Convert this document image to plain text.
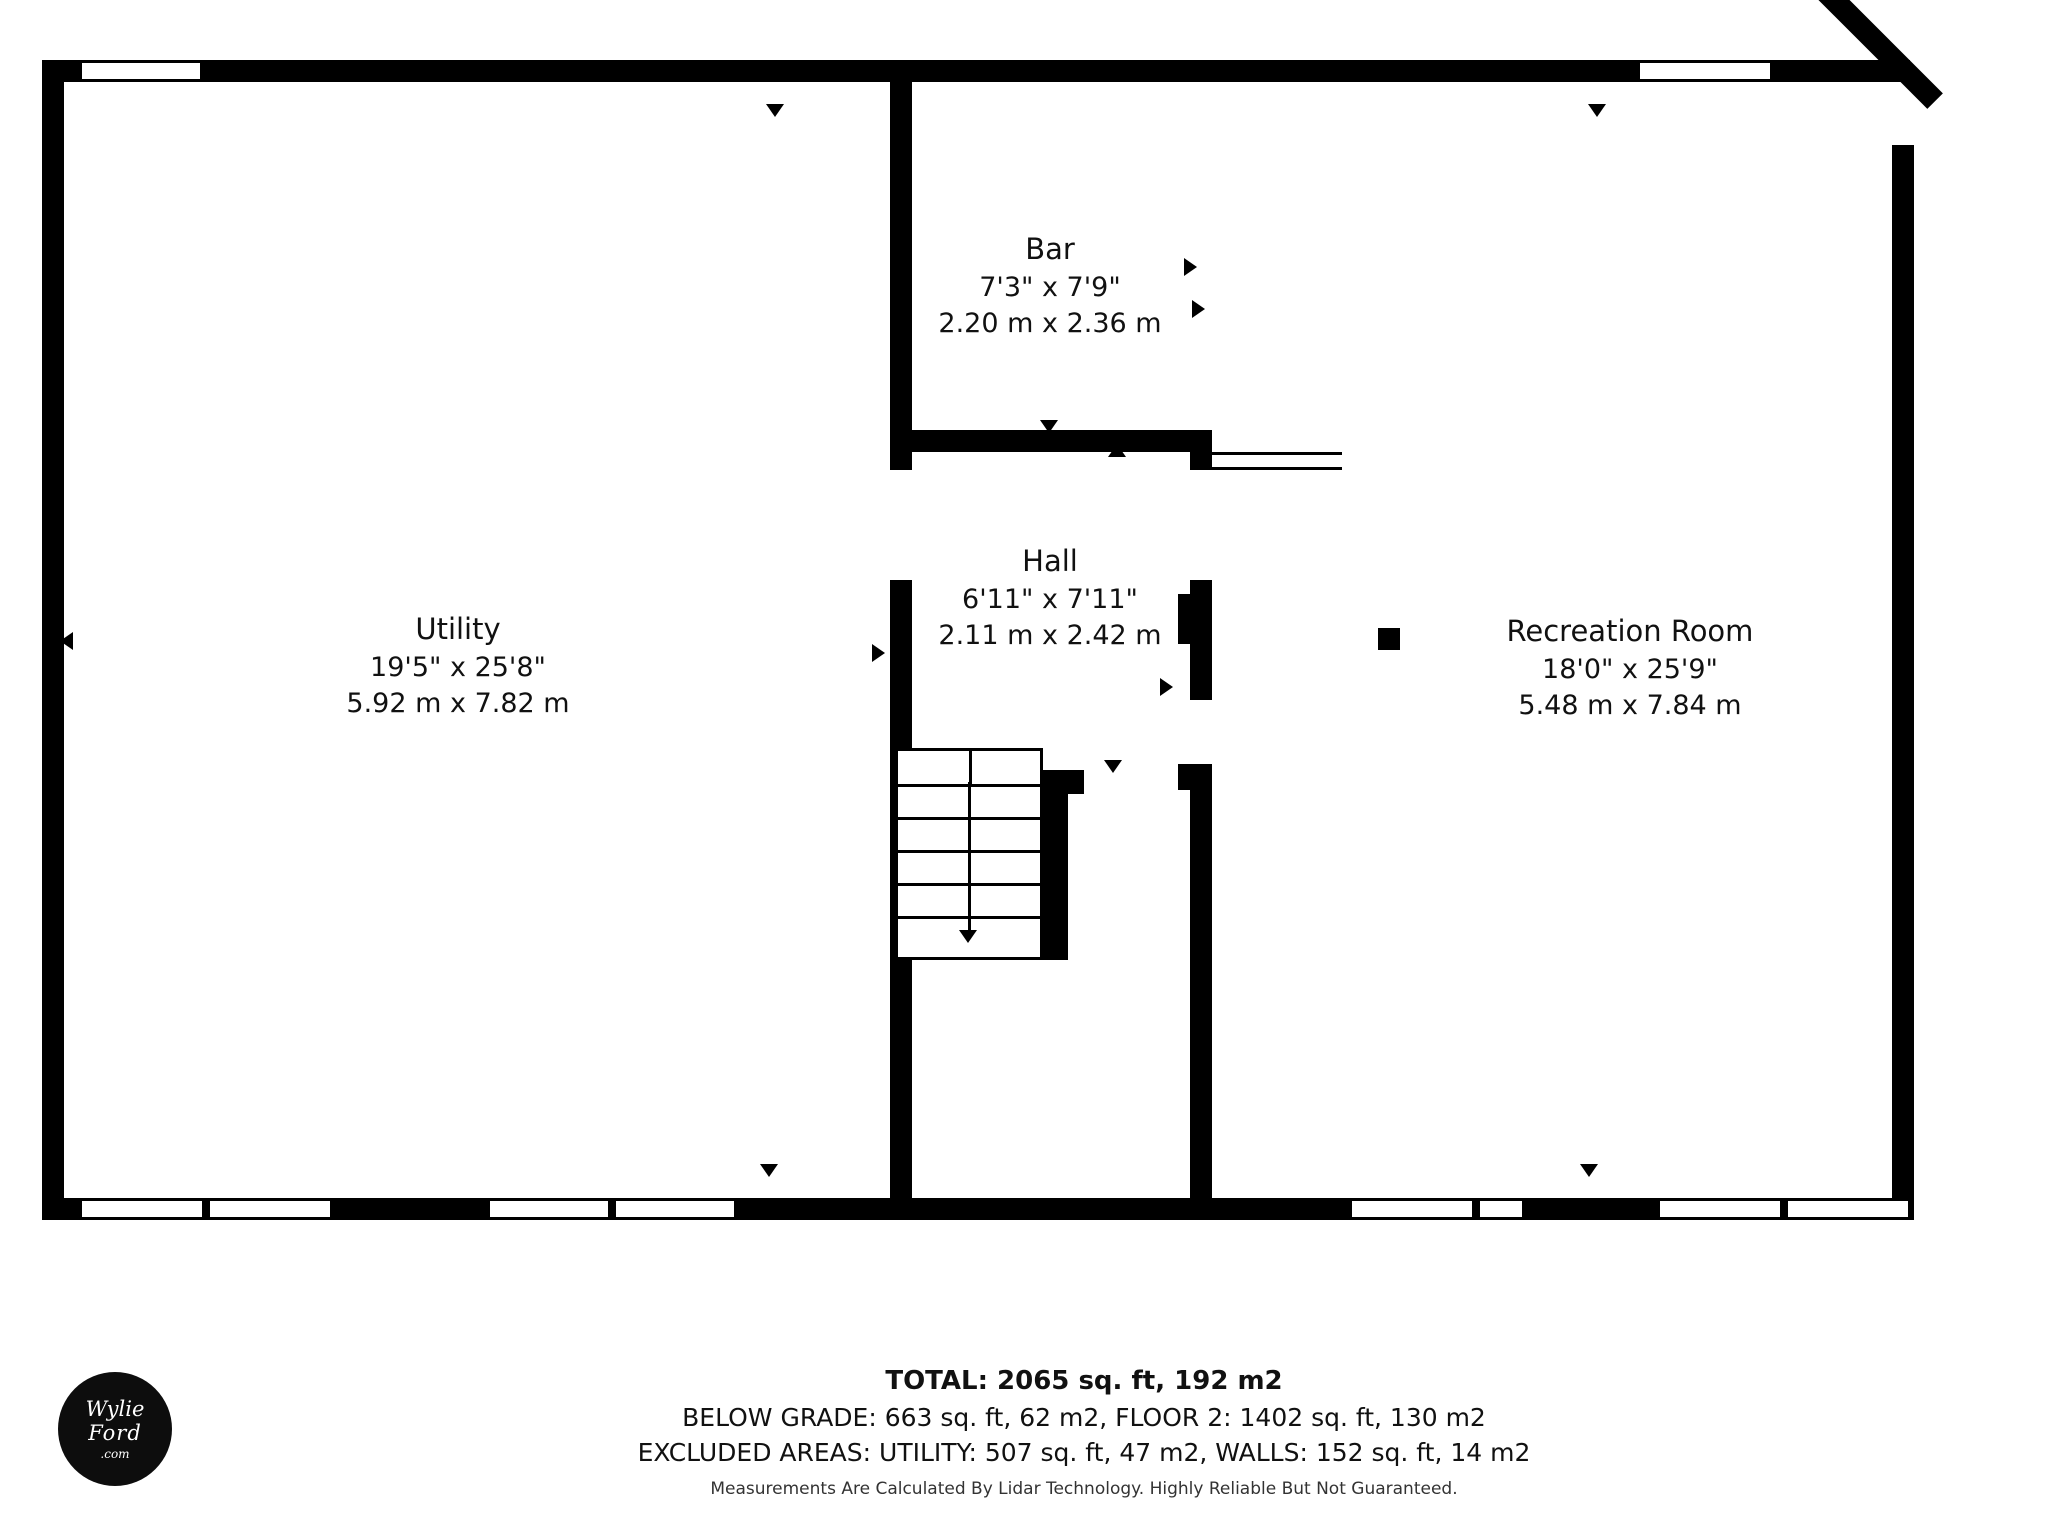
Utility
19'5" x 25'8"
5.92 m x 7.82 m
Bar
7'3" x 7'9"
2.20 m x 2.36 m
Hall
6'11" x 7'11"
2.11 m x 2.42 m	Recreation Room
18'0" x 25'9"
5.48 m x 7.84 m
TOTAL: 2065 sq. ft, 192 m2
BELOW GRADE: 663 sq. ft, 62 m2, FLOOR 2: 1402 sq. ft, 130 m2
EXCLUDED AREAS: UTILITY: 507 sq. ft, 47 m2, WALLS: 152 sq. ft, 14 m2
Measurements Are Calculated By Lidar Technology. Highly Reliable But Not Guaranteed.
Wylie
Ford
.com
